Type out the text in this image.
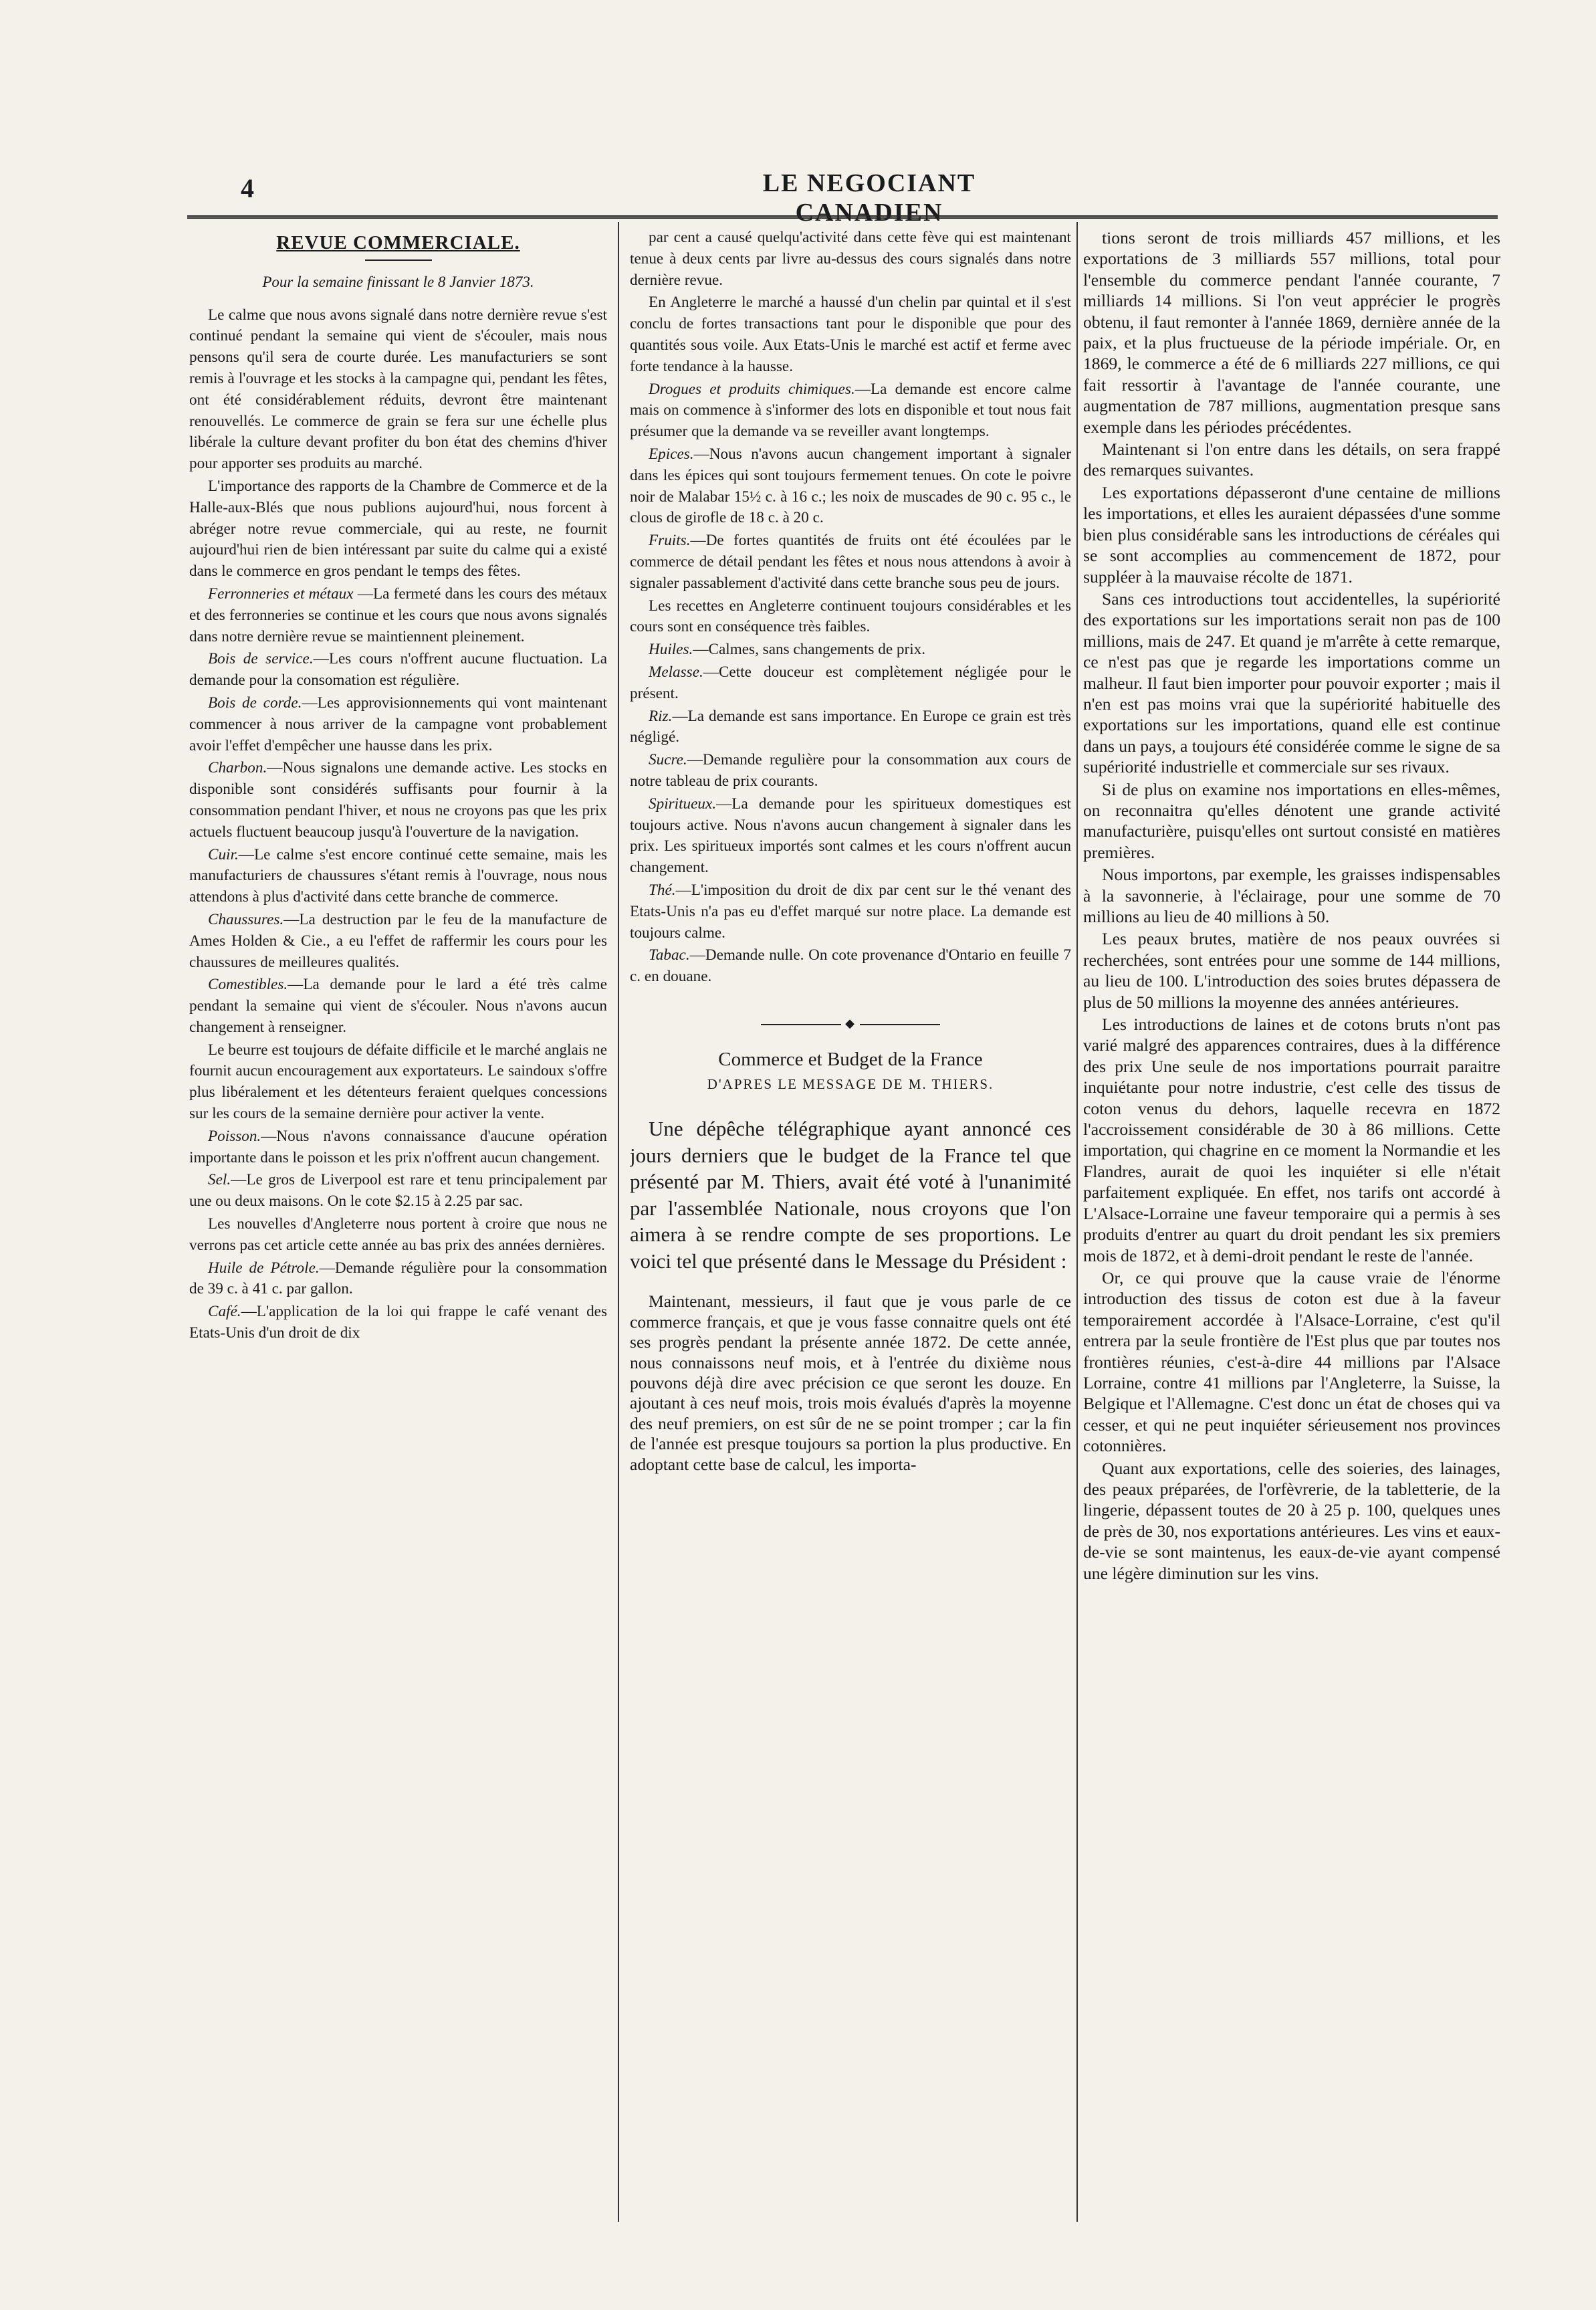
4	LE NEGOCIANT CANADIEN
REVUE COMMERCIALE.
Pour la semaine finissant le 8 Janvier 1873.

Le calme que nous avons signalé dans notre dernière revue s'est continué pendant la semaine qui vient de s'écouler, mais nous pensons qu'il sera de courte durée. Les manufacturiers se sont remis à l'ouvrage et les stocks à la campagne qui, pendant les fêtes, ont été considérablement réduits, devront être maintenant renouvellés. Le commerce de grain se fera sur une échelle plus libérale la culture devant profiter du bon état des chemins d'hiver pour apporter ses produits au marché.

L'importance des rapports de la Chambre de Commerce et de la Halle-aux-Blés que nous publions aujourd'hui, nous forcent à abréger notre revue commerciale, qui au reste, ne fournit aujourd'hui rien de bien intéressant par suite du calme qui a existé dans le commerce en gros pendant le temps des fêtes.

Ferronneries et métaux —La fermeté dans les cours des métaux et des ferronneries se continue et les cours que nous avons signalés dans notre dernière revue se maintiennent pleinement.

Bois de service.—Les cours n'offrent aucune fluctuation. La demande pour la consomation est régulière.

Bois de corde.—Les approvisionnements qui vont maintenant commencer à nous arriver de la campagne vont probablement avoir l'effet d'empêcher une hausse dans les prix.

Charbon.—Nous signalons une demande active. Les stocks en disponible sont considérés suffisants pour fournir à la consommation pendant l'hiver, et nous ne croyons pas que les prix actuels fluctuent beaucoup jusqu'à l'ouverture de la navigation.

Cuir.—Le calme s'est encore continué cette semaine, mais les manufacturiers de chaussures s'étant remis à l'ouvrage, nous nous attendons à plus d'activité dans cette branche de commerce.

Chaussures.—La destruction par le feu de la manufacture de Ames Holden & Cie., a eu l'effet de raffermir les cours pour les chaussures de meilleures qualités.

Comestibles.—La demande pour le lard a été très calme pendant la semaine qui vient de s'écouler. Nous n'avons aucun changement à renseigner.

Le beurre est toujours de défaite difficile et le marché anglais ne fournit aucun encouragement aux exportateurs. Le saindoux s'offre plus libéralement et les détenteurs feraient quelques concessions sur les cours de la semaine dernière pour activer la vente.

Poisson.—Nous n'avons connaissance d'aucune opération importante dans le poisson et les prix n'offrent aucun changement.

Sel.—Le gros de Liverpool est rare et tenu principalement par une ou deux maisons. On le cote $2.15 à 2.25 par sac.

Les nouvelles d'Angleterre nous portent à croire que nous ne verrons pas cet article cette année au bas prix des années dernières.

Huile de Pétrole.—Demande régulière pour la consommation de 39 c. à 41 c. par gallon.

Café.—L'application de la loi qui frappe le café venant des Etats-Unis d'un droit de dix

par cent a causé quelqu'activité dans cette fève qui est maintenant tenue à deux cents par livre au-dessus des cours signalés dans notre dernière revue.

En Angleterre le marché a haussé d'un chelin par quintal et il s'est conclu de fortes transactions tant pour le disponible que pour des quantités sous voile. Aux Etats-Unis le marché est actif et ferme avec forte tendance à la hausse.

Drogues et produits chimiques.—La demande est encore calme mais on commence à s'informer des lots en disponible et tout nous fait présumer que la demande va se reveiller avant longtemps.

Epices.—Nous n'avons aucun changement important à signaler dans les épices qui sont toujours fermement tenues. On cote le poivre noir de Malabar 15½ c. à 16 c.; les noix de muscades de 90 c. 95 c., le clous de girofle de 18 c. à 20 c.

Fruits.—De fortes quantités de fruits ont été écoulées par le commerce de détail pendant les fêtes et nous nous attendons à avoir à signaler passablement d'activité dans cette branche sous peu de jours.

Les recettes en Angleterre continuent toujours considérables et les cours sont en conséquence très faibles.

Huiles.—Calmes, sans changements de prix.

Melasse.—Cette douceur est complètement négligée pour le présent.

Riz.—La demande est sans importance. En Europe ce grain est très négligé.

Sucre.—Demande regulière pour la consommation aux cours de notre tableau de prix courants.

Spiritueux.—La demande pour les spiritueux domestiques est toujours active. Nous n'avons aucun changement à signaler dans les prix. Les spiritueux importés sont calmes et les cours n'offrent aucun changement.

Thé.—L'imposition du droit de dix par cent sur le thé venant des Etats-Unis n'a pas eu d'effet marqué sur notre place. La demande est toujours calme.

Tabac.—Demande nulle. On cote provenance d'Ontario en feuille 7 c. en douane.

◆
Commerce et Budget de la France
D'APRES LE MESSAGE DE M. THIERS.

Une dépêche télégraphique ayant annoncé ces jours derniers que le budget de la France tel que présenté par M. Thiers, avait été voté à l'unanimité par l'assemblée Nationale, nous croyons que l'on aimera à se rendre compte de ses proportions. Le voici tel que présenté dans le Message du Président :

Maintenant, messieurs, il faut que je vous parle de ce commerce français, et que je vous fasse connaitre quels ont été ses progrès pendant la présente année 1872. De cette année, nous connaissons neuf mois, et à l'entrée du dixième nous pouvons déjà dire avec précision ce que seront les douze. En ajoutant à ces neuf mois, trois mois évalués d'après la moyenne des neuf premiers, on est sûr de ne se point tromper ; car la fin de l'année est presque toujours sa portion la plus productive. En adoptant cette base de calcul, les importa-

tions seront de trois milliards 457 millions, et les exportations de 3 milliards 557 millions, total pour l'ensemble du commerce pendant l'année courante, 7 milliards 14 millions. Si l'on veut apprécier le progrès obtenu, il faut remonter à l'année 1869, dernière année de la paix, et la plus fructueuse de la période impériale. Or, en 1869, le commerce a été de 6 milliards 227 millions, ce qui fait ressortir à l'avantage de l'année courante, une augmentation de 787 millions, augmentation presque sans exemple dans les périodes précédentes.

Maintenant si l'on entre dans les détails, on sera frappé des remarques suivantes.

Les exportations dépasseront d'une centaine de millions les importations, et elles les auraient dépassées d'une somme bien plus considérable sans les introductions de céréales qui se sont accomplies au commencement de 1872, pour suppléer à la mauvaise récolte de 1871.

Sans ces introductions tout accidentelles, la supériorité des exportations sur les importations serait non pas de 100 millions, mais de 247. Et quand je m'arrête à cette remarque, ce n'est pas que je regarde les importations comme un malheur. Il faut bien importer pour pouvoir exporter ; mais il n'en est pas moins vrai que la supériorité habituelle des exportations sur les importations, quand elle est continue dans un pays, a toujours été considérée comme le signe de sa supériorité industrielle et commerciale sur ses rivaux.

Si de plus on examine nos importations en elles-mêmes, on reconnaitra qu'elles dénotent une grande activité manufacturière, puisqu'elles ont surtout consisté en matières premières.

Nous importons, par exemple, les graisses indispensables à la savonnerie, à l'éclairage, pour une somme de 70 millions au lieu de 40 millions à 50.

Les peaux brutes, matière de nos peaux ouvrées si recherchées, sont entrées pour une somme de 144 millions, au lieu de 100. L'introduction des soies brutes dépassera de plus de 50 millions la moyenne des années antérieures.

Les introductions de laines et de cotons bruts n'ont pas varié malgré des apparences contraires, dues à la différence des prix Une seule de nos importations pourrait paraitre inquiétante pour notre industrie, c'est celle des tissus de coton venus du dehors, laquelle recevra en 1872 l'accroissement considérable de 30 à 86 millions. Cette importation, qui chagrine en ce moment la Normandie et les Flandres, aurait de quoi les inquiéter si elle n'était parfaitement expliquée. En effet, nos tarifs ont accordé à L'Alsace-Lorraine une faveur temporaire qui a permis à ses produits d'entrer au quart du droit pendant les six premiers mois de 1872, et à demi-droit pendant le reste de l'année.

Or, ce qui prouve que la cause vraie de l'énorme introduction des tissus de coton est due à la faveur temporairement accordée à l'Alsace-Lorraine, c'est qu'il entrera par la seule frontière de l'Est plus que par toutes nos frontières réunies, c'est-à-dire 44 millions par l'Alsace Lorraine, contre 41 millions par l'Angleterre, la Suisse, la Belgique et l'Allemagne. C'est donc un état de choses qui va cesser, et qui ne peut inquiéter sérieusement nos provinces cotonnières.

Quant aux exportations, celle des soieries, des lainages, des peaux préparées, de l'orfèvrerie, de la tabletterie, de la lingerie, dépassent toutes de 20 à 25 p. 100, quelques unes de près de 30, nos exportations antérieures. Les vins et eaux-de-vie se sont maintenus, les eaux-de-vie ayant compensé une légère diminution sur les vins.
